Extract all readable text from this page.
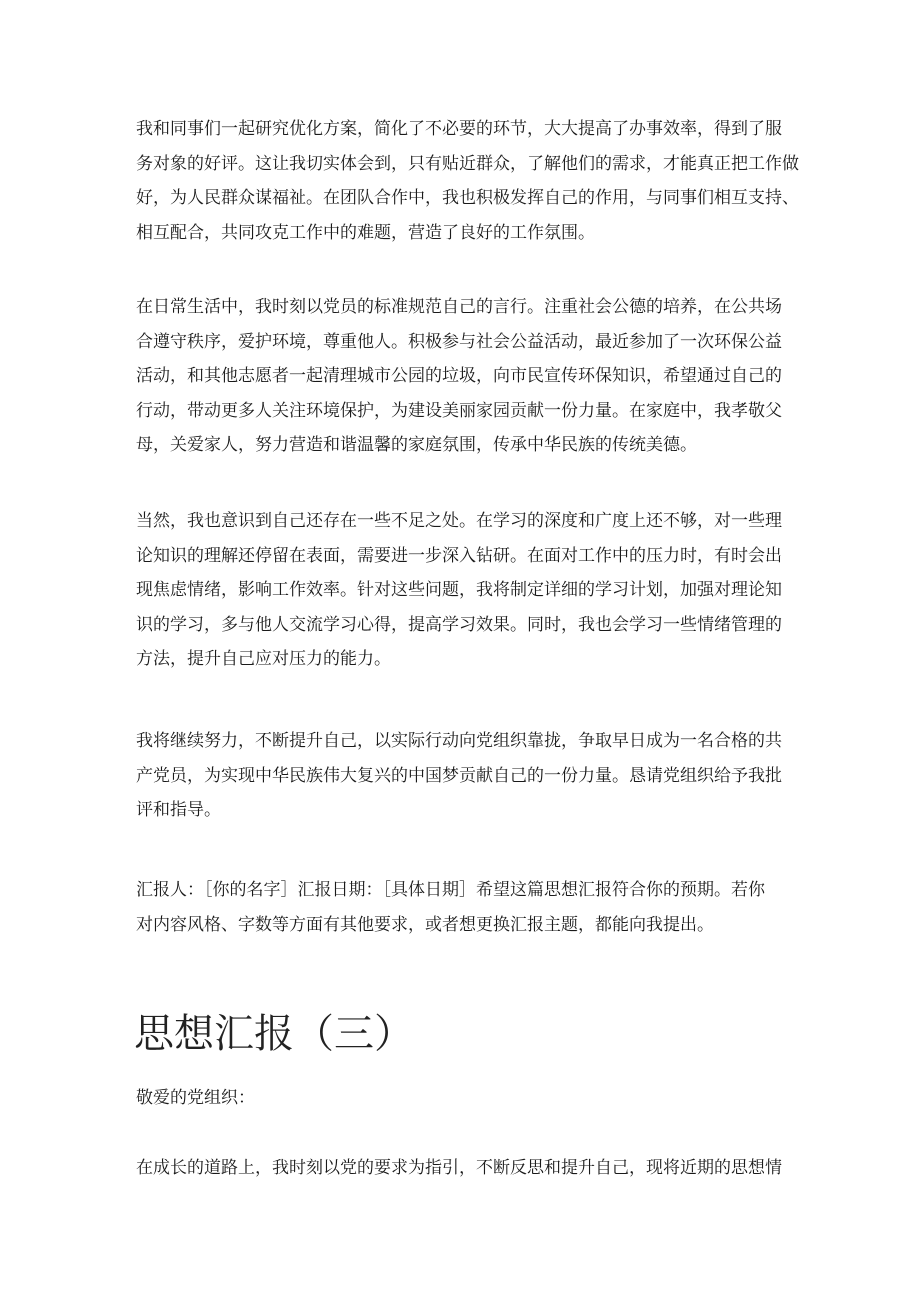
我和同事们一起研究优化方案，简化了不必要的环节，大大提高了办事效率，得到了服
务对象的好评。这让我切实体会到，只有贴近群众，了解他们的需求，才能真正把工作做
好，为人民群众谋福祉。在团队合作中，我也积极发挥自己的作用，与同事们相互支持、
相互配合，共同攻克工作中的难题，营造了良好的工作氛围。

在日常生活中，我时刻以党员的标准规范自己的言行。注重社会公德的培养，在公共场
合遵守秩序，爱护环境，尊重他人。积极参与社会公益活动，最近参加了一次环保公益
活动，和其他志愿者一起清理城市公园的垃圾，向市民宣传环保知识，希望通过自己的
行动，带动更多人关注环境保护，为建设美丽家园贡献一份力量。在家庭中，我孝敬父
母，关爱家人，努力营造和谐温馨的家庭氛围，传承中华民族的传统美德。

当然，我也意识到自己还存在一些不足之处。在学习的深度和广度上还不够，对一些理
论知识的理解还停留在表面，需要进一步深入钻研。在面对工作中的压力时，有时会出
现焦虑情绪，影响工作效率。针对这些问题，我将制定详细的学习计划，加强对理论知
识的学习，多与他人交流学习心得，提高学习效果。同时，我也会学习一些情绪管理的
方法，提升自己应对压力的能力。

我将继续努力，不断提升自己，以实际行动向党组织靠拢，争取早日成为一名合格的共
产党员，为实现中华民族伟大复兴的中国梦贡献自己的一份力量。恳请党组织给予我批
评和指导。

汇报人：［你的名字］汇报日期：［具体日期］希望这篇思想汇报符合你的预期。若你
对内容风格、字数等方面有其他要求，或者想更换汇报主题，都能向我提出。

思想汇报（三）

敬爱的党组织：

在成长的道路上，我时刻以党的要求为指引，不断反思和提升自己，现将近期的思想情
